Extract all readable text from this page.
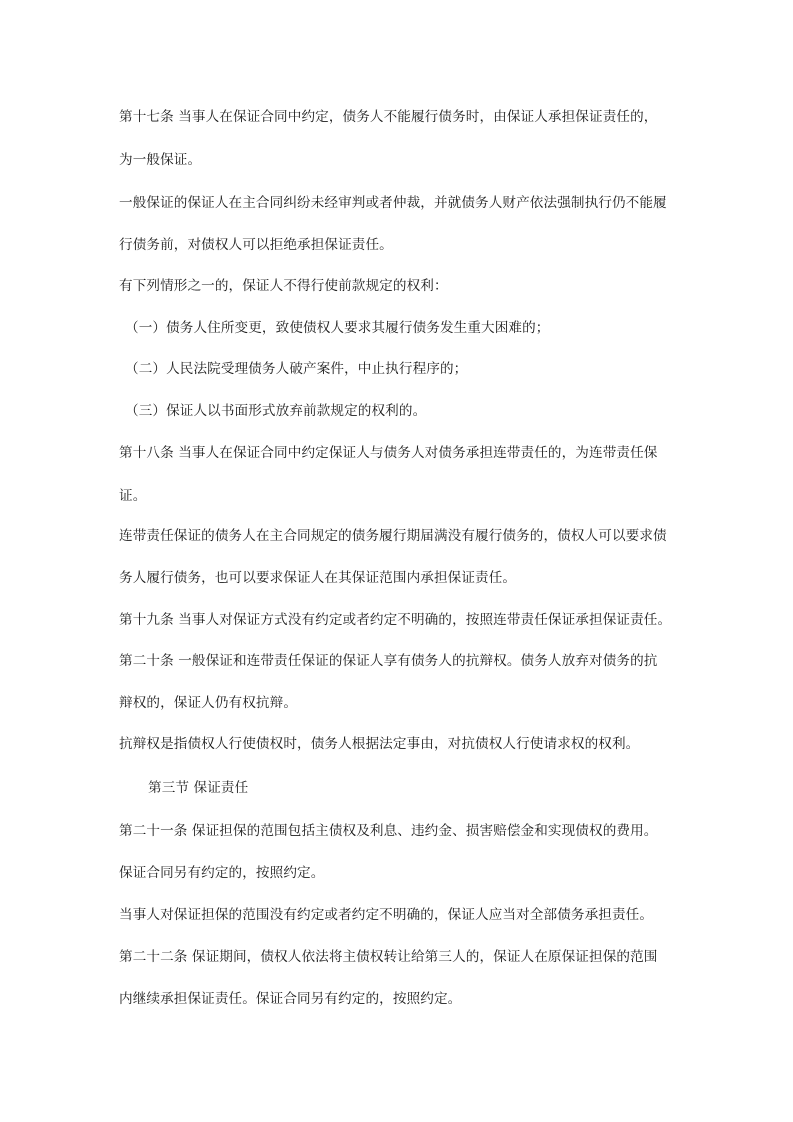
第十七条 当事人在保证合同中约定，债务人不能履行债务时，由保证人承担保证责任的，
为一般保证。
一般保证的保证人在主合同纠纷未经审判或者仲裁，并就债务人财产依法强制执行仍不能履
行债务前，对债权人可以拒绝承担保证责任。
有下列情形之一的，保证人不得行使前款规定的权利：
（一）债务人住所变更，致使债权人要求其履行债务发生重大困难的；
（二）人民法院受理债务人破产案件，中止执行程序的；
（三）保证人以书面形式放弃前款规定的权利的。
第十八条 当事人在保证合同中约定保证人与债务人对债务承担连带责任的，为连带责任保
证。
连带责任保证的债务人在主合同规定的债务履行期届满没有履行债务的，债权人可以要求债
务人履行债务，也可以要求保证人在其保证范围内承担保证责任。
第十九条 当事人对保证方式没有约定或者约定不明确的，按照连带责任保证承担保证责任。
第二十条 一般保证和连带责任保证的保证人享有债务人的抗辩权。债务人放弃对债务的抗
辩权的，保证人仍有权抗辩。
抗辩权是指债权人行使债权时，债务人根据法定事由，对抗债权人行使请求权的权利。
第三节 保证责任
第二十一条 保证担保的范围包括主债权及利息、违约金、损害赔偿金和实现债权的费用。
保证合同另有约定的，按照约定。
当事人对保证担保的范围没有约定或者约定不明确的，保证人应当对全部债务承担责任。
第二十二条 保证期间，债权人依法将主债权转让给第三人的，保证人在原保证担保的范围
内继续承担保证责任。保证合同另有约定的，按照约定。
